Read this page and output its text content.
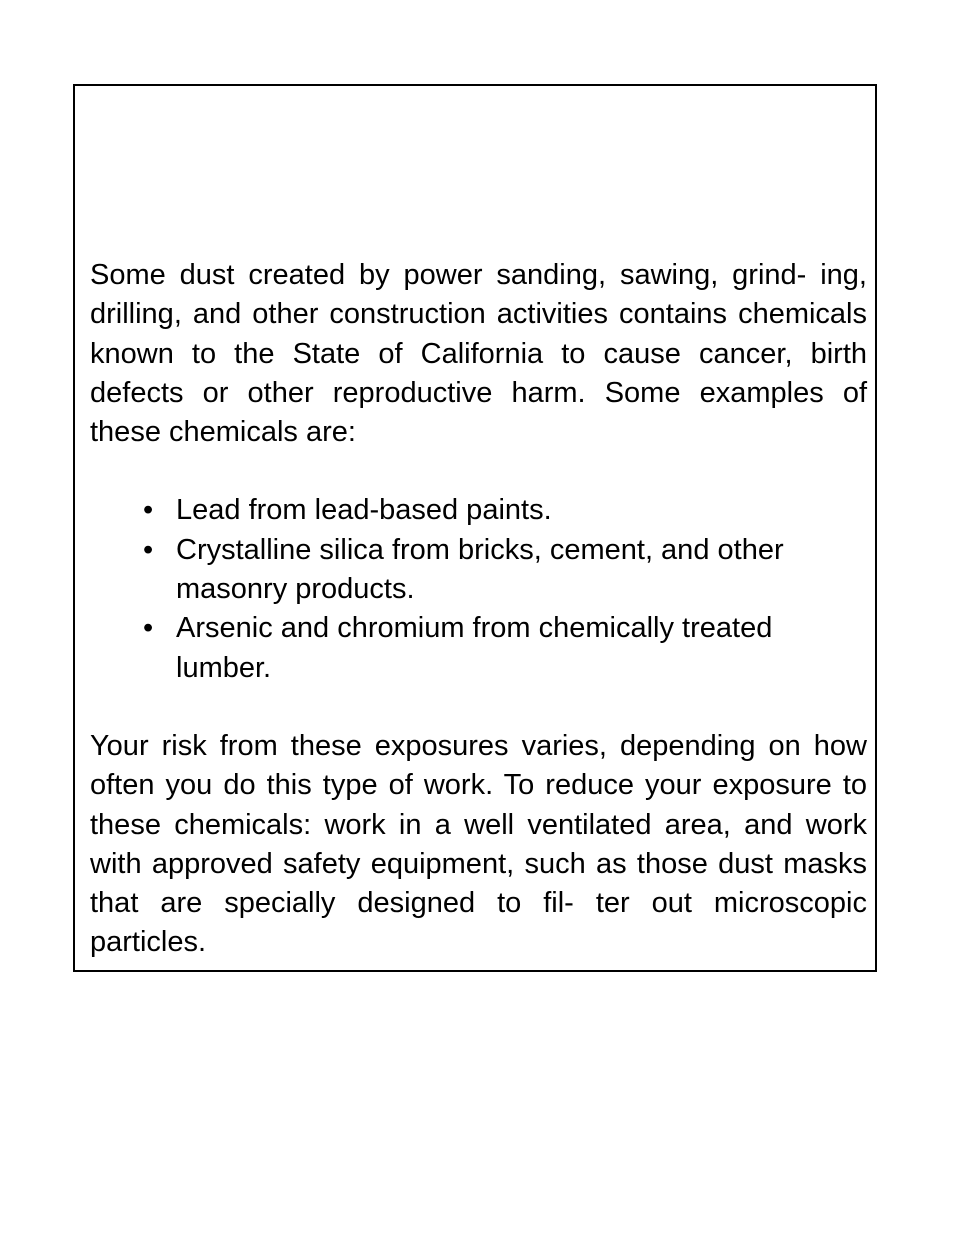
Some dust created by power sanding, sawing, grind- ing, drilling, and other construction activities contains chemicals known to the State of California to cause cancer, birth defects or other reproductive harm. Some examples of these chemicals are:
• Lead from lead-based paints.
• Crystalline silica from bricks, cement, and other masonry products.
• Arsenic and chromium from chemically treated lumber.
Your risk from these exposures varies, depending on how often you do this type of work. To reduce your exposure to these chemicals: work in a well ventilated area, and work with approved safety equipment, such as those dust masks that are specially designed to fil- ter out microscopic particles.
